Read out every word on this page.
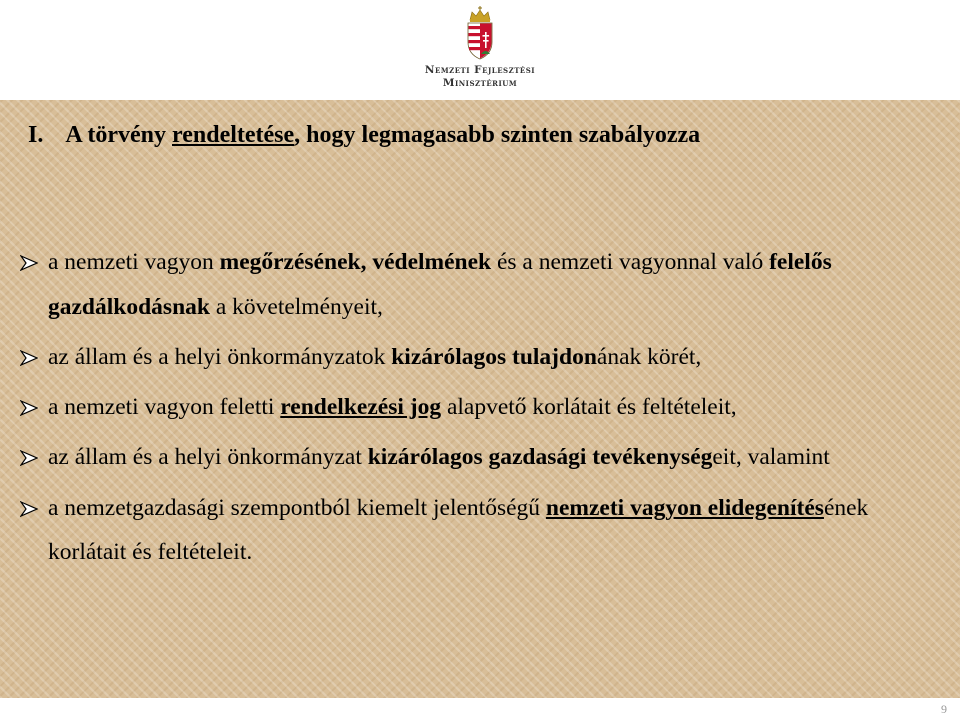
Nemzeti Fejlesztési
Minisztérium
I. A törvény rendeltetése, hogy legmagasabb szinten szabályozza
a nemzeti vagyon megőrzésének, védelmének és a nemzeti vagyonnal való felelős gazdálkodásnak a követelményeit,
az állam és a helyi önkormányzatok kizárólagos tulajdonának körét,
a nemzeti vagyon feletti rendelkezési jog alapvető korlátait és feltételeit,
az állam és a helyi önkormányzat kizárólagos gazdasági tevékenységeit, valamint
a nemzetgazdasági szempontból kiemelt jelentőségű nemzeti vagyon elidegenítésének korlátait és feltételeit.
9
